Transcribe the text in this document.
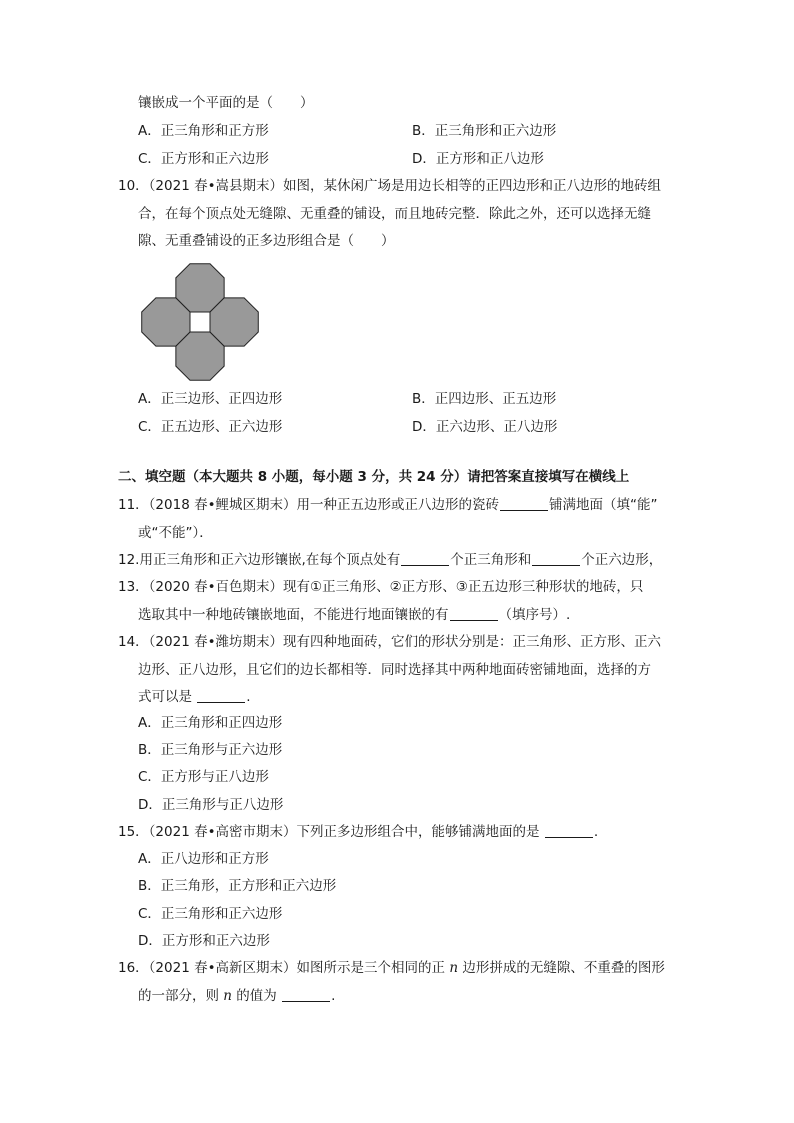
镶嵌成一个平面的是（　　）
A．正三角形和正方形	B．正三角形和正六边形
C．正方形和正六边形	D．正方形和正八边形
10．（2021 春•嵩县期末）如图，某休闲广场是用边长相等的正四边形和正八边形的地砖组
合，在每个顶点处无缝隙、无重叠的铺设，而且地砖完整．除此之外，还可以选择无缝
隙、无重叠铺设的正多边形组合是（　　）
A．正三边形、正四边形	B．正四边形、正五边形
C．正五边形、正六边形	D．正六边形、正八边形
二、填空题（本大题共 8 小题，每小题 3 分，共 24 分）请把答案直接填写在横线上
11．（2018 春•鲤城区期末）用一种正五边形或正八边形的瓷砖	铺满地面（填“能”
或“不能”）．
12.用正三角形和正六边形镶嵌,在每个顶点处有	个正三角形和	个正六边形，
13．（2020 春•百色期末）现有①正三角形、②正方形、③正五边形三种形状的地砖，只
选取其中一种地砖镶嵌地面，不能进行地面镶嵌的有	（填序号）.
14．（2021 春•潍坊期末）现有四种地面砖，它们的形状分别是：正三角形、正方形、正六
边形、正八边形，且它们的边长都相等．同时选择其中两种地面砖密铺地面，选择的方
式可以是	.
A．正三角形和正四边形
B．正三角形与正六边形
C．正方形与正八边形
D．正三角形与正八边形
15．（2021 春•高密市期末）下列正多边形组合中，能够铺满地面的是	.
A．正八边形和正方形
B．正三角形，正方形和正六边形
C．正三角形和正六边形
D．正方形和正六边形
16．（2021 春•高新区期末）如图所示是三个相同的正 n 边形拼成的无缝隙、不重叠的图形
的一部分，则 n 的值为	.
